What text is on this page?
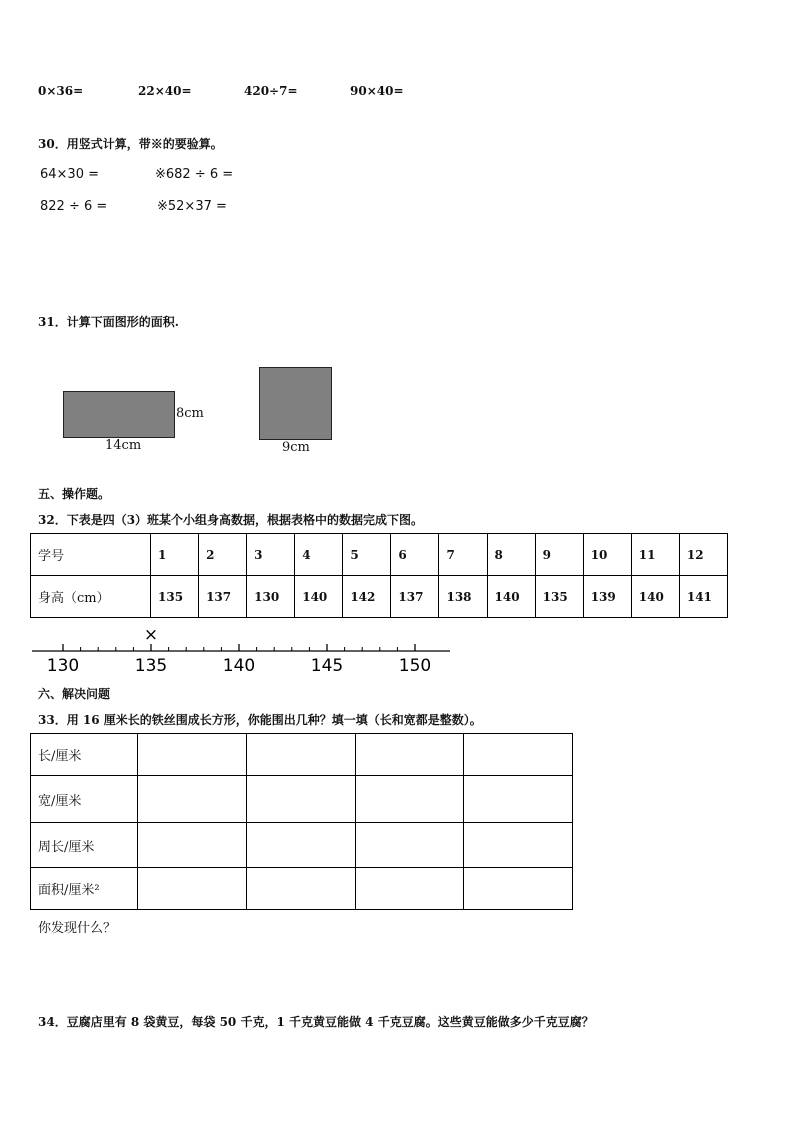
0×36=	22×40=	420÷7=	90×40=
30．用竖式计算，带※的要验算。
64×30 =	※682 ÷ 6 =
822 ÷ 6 =	※52×37 =
31．计算下面图形的面积.
8cm
14cm	9cm
五、操作题。
32．下表是四（3）班某个小组身高数据，根据表格中的数据完成下图。
学号	1	2	3	4	5	6	7	8	9	10	11	12
身高（cm）	135	137	130	140	142	137	138	140	135	139	140	141
130	135	140	145	150
×
六、解决问题
33．用 16 厘米长的铁丝围成长方形，你能围出几种？填一填（长和宽都是整数）。
长/厘米				
宽/厘米				
周长/厘米				
面积/厘米²				
你发现什么？
34．豆腐店里有 8 袋黄豆，每袋 50 千克，1 千克黄豆能做 4 千克豆腐。这些黄豆能做多少千克豆腐？
